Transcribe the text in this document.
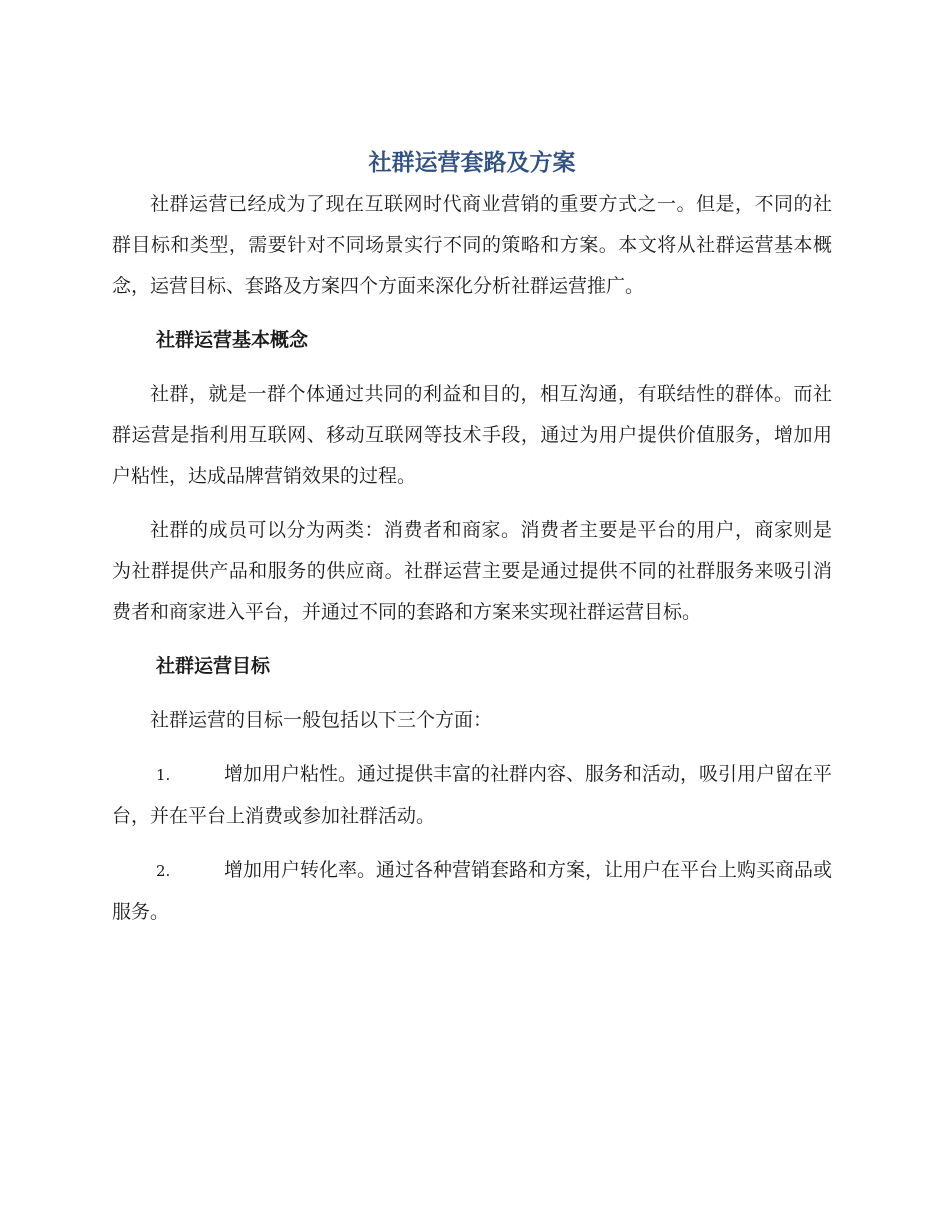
社群运营套路及方案

社群运营已经成为了现在互联网时代商业营销的重要方式之一。但是，不同的社群目标和类型，需要针对不同场景实行不同的策略和方案。本文将从社群运营基本概念，运营目标、套路及方案四个方面来深化分析社群运营推广。

社群运营基本概念

社群，就是一群个体通过共同的利益和目的，相互沟通，有联结性的群体。而社群运营是指利用互联网、移动互联网等技术手段，通过为用户提供价值服务，增加用户粘性，达成品牌营销效果的过程。

社群的成员可以分为两类：消费者和商家。消费者主要是平台的用户，商家则是为社群提供产品和服务的供应商。社群运营主要是通过提供不同的社群服务来吸引消费者和商家进入平台，并通过不同的套路和方案来实现社群运营目标。

社群运营目标

社群运营的目标一般包括以下三个方面：

1.	增加用户粘性。通过提供丰富的社群内容、服务和活动，吸引用户留在平台，并在平台上消费或参加社群活动。

2.	增加用户转化率。通过各种营销套路和方案，让用户在平台上购买商品或服务。
